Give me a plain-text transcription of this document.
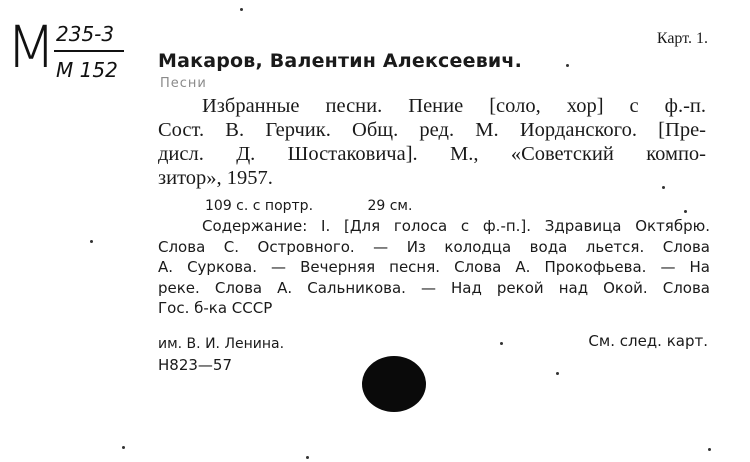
М 235-3
М 152
Карт. 1.
Макаров, Валентин Алексеевич.
Песни
Избранные песни. Пение [соло, хор] с ф.-п.
Сост. В. Герчик. Общ. ред. М. Иорданского. [Пре-
дисл. Д. Шостаковича]. М., «Советский компо-
зитор», 1957.
109 с. с портр.	29 см.
Содержание: I. [Для голоса с ф.-п.]. Здравица Октябрю.
Слова С. Островного. — Из колодца вода льется. Слова
А. Суркова. — Вечерняя песня. Слова А. Прокофьева. — На
реке. Слова А. Сальникова. — Над рекой над Окой. Слова
Гос. б-ка СССР
им. В. И. Ленина.	См. след. карт.
Н823—57
